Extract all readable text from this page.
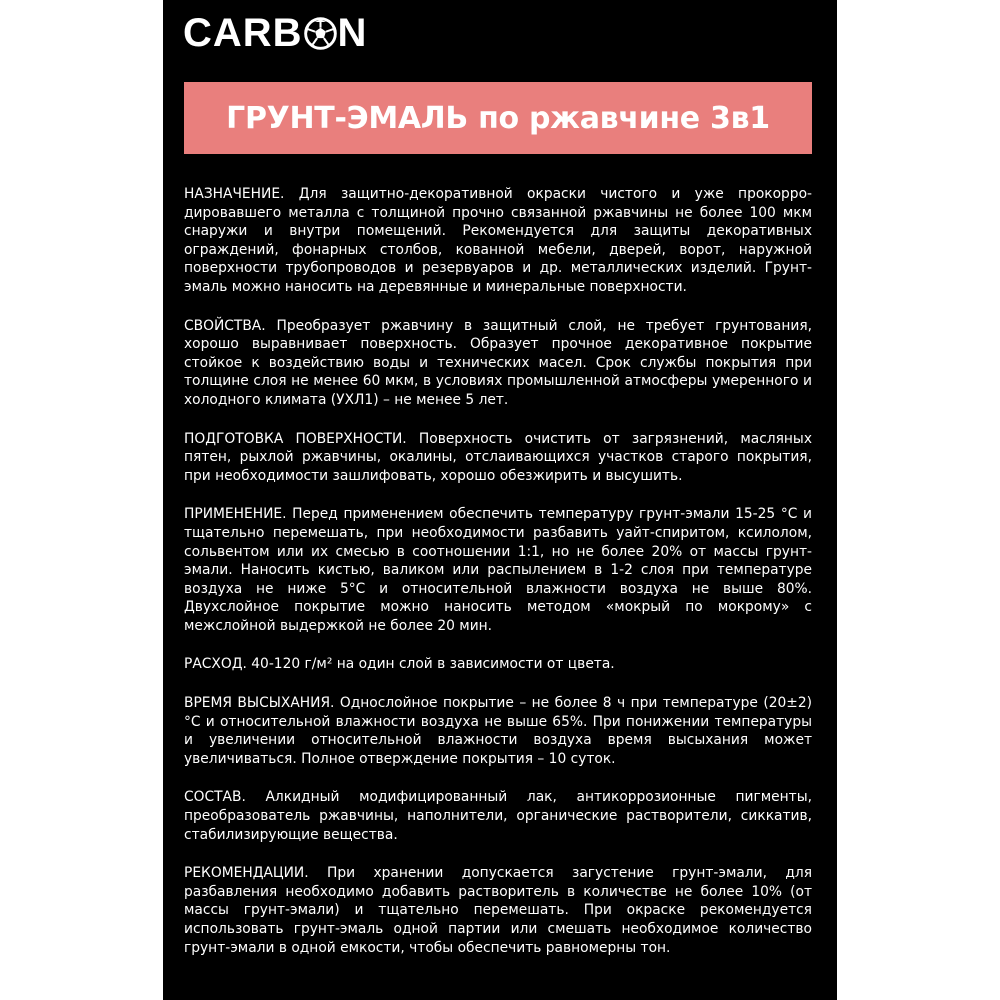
CARB N
ГРУНТ-ЭМАЛЬ по ржавчине 3в1

НАЗНАЧЕНИЕ. Для защитно-декоративной окраски чистого и уже прокорродировавшего металла с толщиной прочно связанной ржавчины не более 100 мкм снаружи и внутри помещений. Рекомендуется для защиты декоративных ограждений, фонарных столбов, кованной мебели, дверей, ворот, наружной поверхности трубопроводов и резервуаров и др. металлических изделий. Грунт-эмаль можно наносить на деревянные и минеральные поверхности.

СВОЙСТВА. Преобразует ржавчину в защитный слой, не требует грунтования, хорошо выравнивает поверхность. Образует прочное декоративное покрытие стойкое к воздействию воды и технических масел. Срок службы покрытия при толщине слоя не менее 60 мкм, в условиях промышленной атмосферы умеренного и холодного климата (УХЛ1) – не менее 5 лет.

ПОДГОТОВКА ПОВЕРХНОСТИ. Поверхность очистить от загрязнений, масляных пятен, рыхлой ржавчины, окалины, отслаивающихся участков старого покрытия, при необходимости зашлифовать, хорошо обезжирить и высушить.

ПРИМЕНЕНИЕ. Перед применением обеспечить температуру грунт-эмали 15-25 °С и тщательно перемешать, при необходимости разбавить уайт-спиритом, ксилолом, сольвентом или их смесью в соотношении 1:1, но не более 20% от массы грунт-эмали. Наносить кистью, валиком или распылением в 1-2 слоя при температуре воздуха не ниже 5°С и относительной влажности воздуха не выше 80%. Двухслойное покрытие можно наносить методом «мокрый по мокрому» с межслойной выдержкой не более 20 мин.

РАСХОД. 40-120 г/м² на один слой в зависимости от цвета.

ВРЕМЯ ВЫСЫХАНИЯ. Однослойное покрытие – не более 8 ч при температуре (20±2)°С и относительной влажности воздуха не выше 65%. При понижении температуры и увеличении относительной влажности воздуха время высыхания может увеличиваться. Полное отверждение покрытия – 10 суток.

СОСТАВ. Алкидный модифицированный лак, антикоррозионные пигменты, преобразователь ржавчины, наполнители, органические растворители, сиккатив, стабилизирующие вещества.

РЕКОМЕНДАЦИИ. При хранении допускается загустение грунт-эмали, для разбавления необходимо добавить растворитель в количестве не более 10% (от массы грунт-эмали) и тщательно перемешать. При окраске рекомендуется использовать грунт-эмаль одной партии или смешать необходимое количество грунт-эмали в одной емкости, чтобы обеспечить равномерны тон.
